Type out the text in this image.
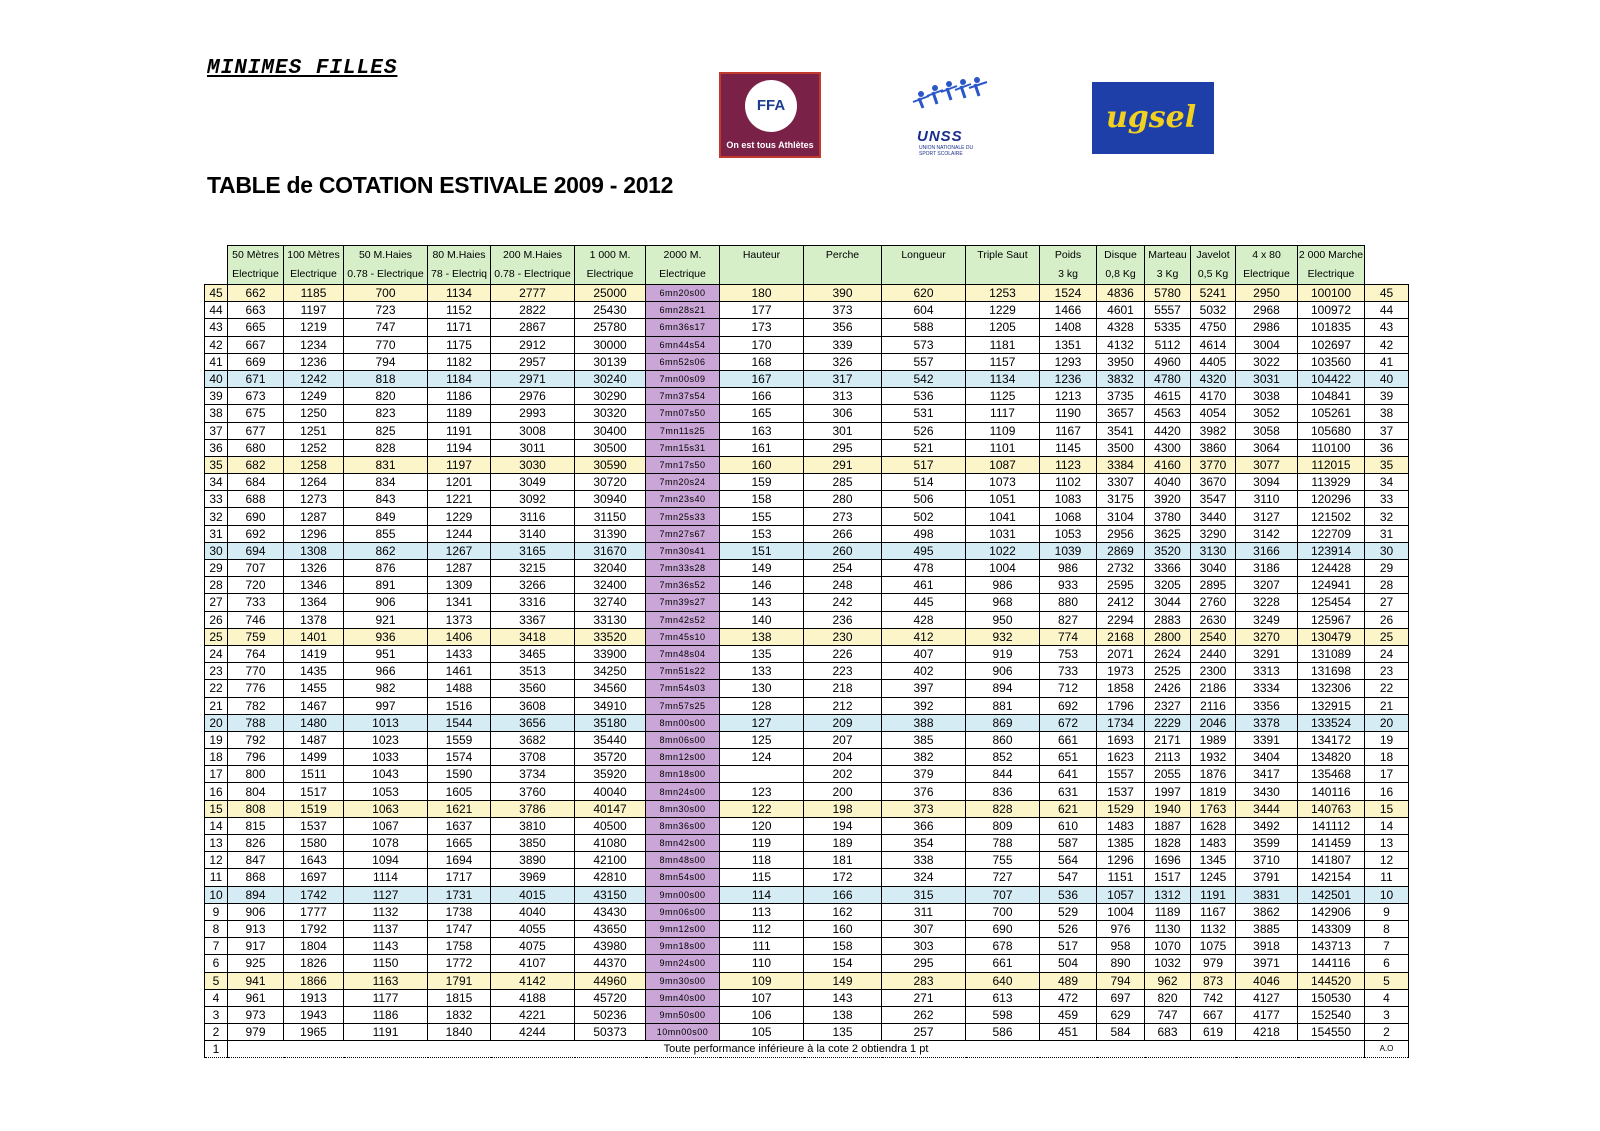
MINIMES FILLES
FFA
On est tous Athlètes	UNSS
UNION NATIONALE DU SPORT SCOLAIRE
ugsel
TABLE de COTATION ESTIVALE 2009 - 2012
	50 Mètres	100 Mètres	50 M.Haies	80 M.Haies	200 M.Haies	1 000 M.	2000 M.	Hauteur	Perche	Longueur	Triple Saut	Poids	Disque	Marteau	Javelot	4 x 80	2 000 Marche	
	Electrique	Electrique	0.78 - Electrique	78 - Electriq	0.78 - Electrique	Electrique	Electrique					3 kg	0,8 Kg	3 Kg	0,5 Kg	Electrique	Electrique	
45	662	1185	700	1134	2777	25000	6mn20s00	180	390	620	1253	1524	4836	5780	5241	2950	100100	45
44	663	1197	723	1152	2822	25430	6mn28s21	177	373	604	1229	1466	4601	5557	5032	2968	100972	44
43	665	1219	747	1171	2867	25780	6mn36s17	173	356	588	1205	1408	4328	5335	4750	2986	101835	43
42	667	1234	770	1175	2912	30000	6mn44s54	170	339	573	1181	1351	4132	5112	4614	3004	102697	42
41	669	1236	794	1182	2957	30139	6mn52s06	168	326	557	1157	1293	3950	4960	4405	3022	103560	41
40	671	1242	818	1184	2971	30240	7mn00s09	167	317	542	1134	1236	3832	4780	4320	3031	104422	40
39	673	1249	820	1186	2976	30290	7mn37s54	166	313	536	1125	1213	3735	4615	4170	3038	104841	39
38	675	1250	823	1189	2993	30320	7mn07s50	165	306	531	1117	1190	3657	4563	4054	3052	105261	38
37	677	1251	825	1191	3008	30400	7mn11s25	163	301	526	1109	1167	3541	4420	3982	3058	105680	37
36	680	1252	828	1194	3011	30500	7mn15s31	161	295	521	1101	1145	3500	4300	3860	3064	110100	36
35	682	1258	831	1197	3030	30590	7mn17s50	160	291	517	1087	1123	3384	4160	3770	3077	112015	35
34	684	1264	834	1201	3049	30720	7mn20s24	159	285	514	1073	1102	3307	4040	3670	3094	113929	34
33	688	1273	843	1221	3092	30940	7mn23s40	158	280	506	1051	1083	3175	3920	3547	3110	120296	33
32	690	1287	849	1229	3116	31150	7mn25s33	155	273	502	1041	1068	3104	3780	3440	3127	121502	32
31	692	1296	855	1244	3140	31390	7mn27s67	153	266	498	1031	1053	2956	3625	3290	3142	122709	31
30	694	1308	862	1267	3165	31670	7mn30s41	151	260	495	1022	1039	2869	3520	3130	3166	123914	30
29	707	1326	876	1287	3215	32040	7mn33s28	149	254	478	1004	986	2732	3366	3040	3186	124428	29
28	720	1346	891	1309	3266	32400	7mn36s52	146	248	461	986	933	2595	3205	2895	3207	124941	28
27	733	1364	906	1341	3316	32740	7mn39s27	143	242	445	968	880	2412	3044	2760	3228	125454	27
26	746	1378	921	1373	3367	33130	7mn42s52	140	236	428	950	827	2294	2883	2630	3249	125967	26
25	759	1401	936	1406	3418	33520	7mn45s10	138	230	412	932	774	2168	2800	2540	3270	130479	25
24	764	1419	951	1433	3465	33900	7mn48s04	135	226	407	919	753	2071	2624	2440	3291	131089	24
23	770	1435	966	1461	3513	34250	7mn51s22	133	223	402	906	733	1973	2525	2300	3313	131698	23
22	776	1455	982	1488	3560	34560	7mn54s03	130	218	397	894	712	1858	2426	2186	3334	132306	22
21	782	1467	997	1516	3608	34910	7mn57s25	128	212	392	881	692	1796	2327	2116	3356	132915	21
20	788	1480	1013	1544	3656	35180	8mn00s00	127	209	388	869	672	1734	2229	2046	3378	133524	20
19	792	1487	1023	1559	3682	35440	8mn06s00	125	207	385	860	661	1693	2171	1989	3391	134172	19
18	796	1499	1033	1574	3708	35720	8mn12s00	124	204	382	852	651	1623	2113	1932	3404	134820	18
17	800	1511	1043	1590	3734	35920	8mn18s00		202	379	844	641	1557	2055	1876	3417	135468	17
16	804	1517	1053	1605	3760	40040	8mn24s00	123	200	376	836	631	1537	1997	1819	3430	140116	16
15	808	1519	1063	1621	3786	40147	8mn30s00	122	198	373	828	621	1529	1940	1763	3444	140763	15
14	815	1537	1067	1637	3810	40500	8mn36s00	120	194	366	809	610	1483	1887	1628	3492	141112	14
13	826	1580	1078	1665	3850	41080	8mn42s00	119	189	354	788	587	1385	1828	1483	3599	141459	13
12	847	1643	1094	1694	3890	42100	8mn48s00	118	181	338	755	564	1296	1696	1345	3710	141807	12
11	868	1697	1114	1717	3969	42810	8mn54s00	115	172	324	727	547	1151	1517	1245	3791	142154	11
10	894	1742	1127	1731	4015	43150	9mn00s00	114	166	315	707	536	1057	1312	1191	3831	142501	10
9	906	1777	1132	1738	4040	43430	9mn06s00	113	162	311	700	529	1004	1189	1167	3862	142906	9
8	913	1792	1137	1747	4055	43650	9mn12s00	112	160	307	690	526	976	1130	1132	3885	143309	8
7	917	1804	1143	1758	4075	43980	9mn18s00	111	158	303	678	517	958	1070	1075	3918	143713	7
6	925	1826	1150	1772	4107	44370	9mn24s00	110	154	295	661	504	890	1032	979	3971	144116	6
5	941	1866	1163	1791	4142	44960	9mn30s00	109	149	283	640	489	794	962	873	4046	144520	5
4	961	1913	1177	1815	4188	45720	9mn40s00	107	143	271	613	472	697	820	742	4127	150530	4
3	973	1943	1186	1832	4221	50236	9mn50s00	106	138	262	598	459	629	747	667	4177	152540	3
2	979	1965	1191	1840	4244	50373	10mn00s00	105	135	257	586	451	584	683	619	4218	154550	2
1	Toute performance inférieure à la cote 2 obtiendra 1 pt																	A.O
